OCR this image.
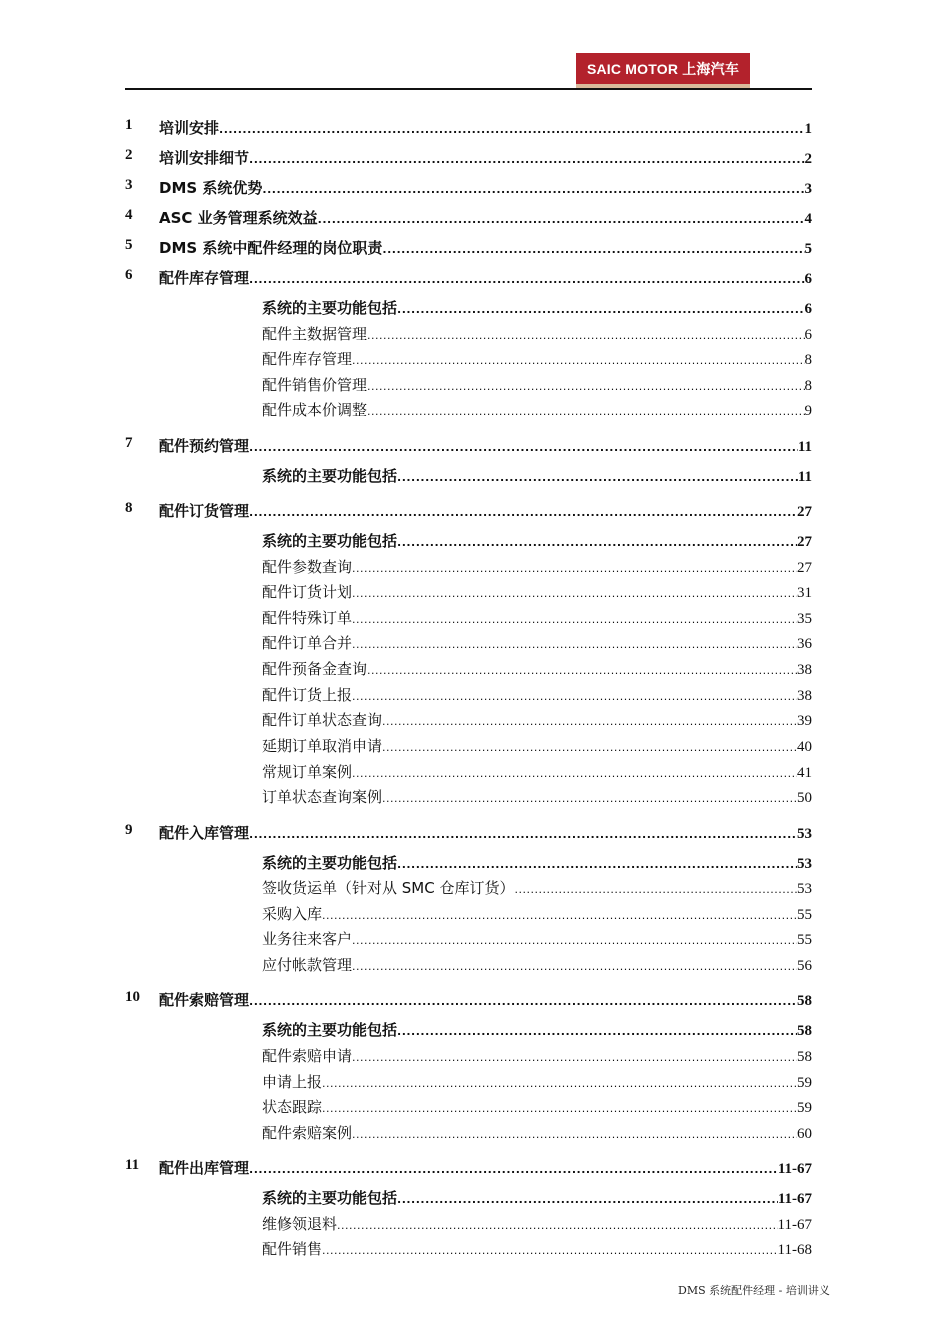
SAIC MOTOR 上海汽车
1	培训安排 .....	1
2	培训安排细节 .....	2
3	DMS 系统优势 .....	3
4	ASC 业务管理系统效益 .....	4
5	DMS 系统中配件经理的岗位职责 .....	5
6	配件库存管理 .....	6
系统的主要功能包括 .....	6
配件主数据管理 .....	6
配件库存管理 .....	8
配件销售价管理 .....	8
配件成本价调整 .....	9
7	配件预约管理 .....	11
系统的主要功能包括 .....	11
8	配件订货管理 .....	27
系统的主要功能包括 .....	27
配件参数查询 .....	27
配件订货计划 .....	31
配件特殊订单 .....	35
配件订单合并 .....	36
配件预备金查询 .....	38
配件订货上报 .....	38
配件订单状态查询 .....	39
延期订单取消申请 .....	40
常规订单案例 .....	41
订单状态查询案例 .....	50
9	配件入库管理 .....	53
系统的主要功能包括 .....	53
签收货运单（针对从 SMC 仓库订货） .....	53
采购入库 .....	55
业务往来客户 .....	55
应付帐款管理 .....	56
10	配件索赔管理 .....	58
系统的主要功能包括 .....	58
配件索赔申请 .....	58
申请上报 .....	59
状态跟踪 .....	59
配件索赔案例 .....	60
11	配件出库管理 .....	11-67
系统的主要功能包括 .....	11-67
维修领退料 .....	11-67
配件销售 .....	11-68
DMS 系统配件经理 - 培训讲义
